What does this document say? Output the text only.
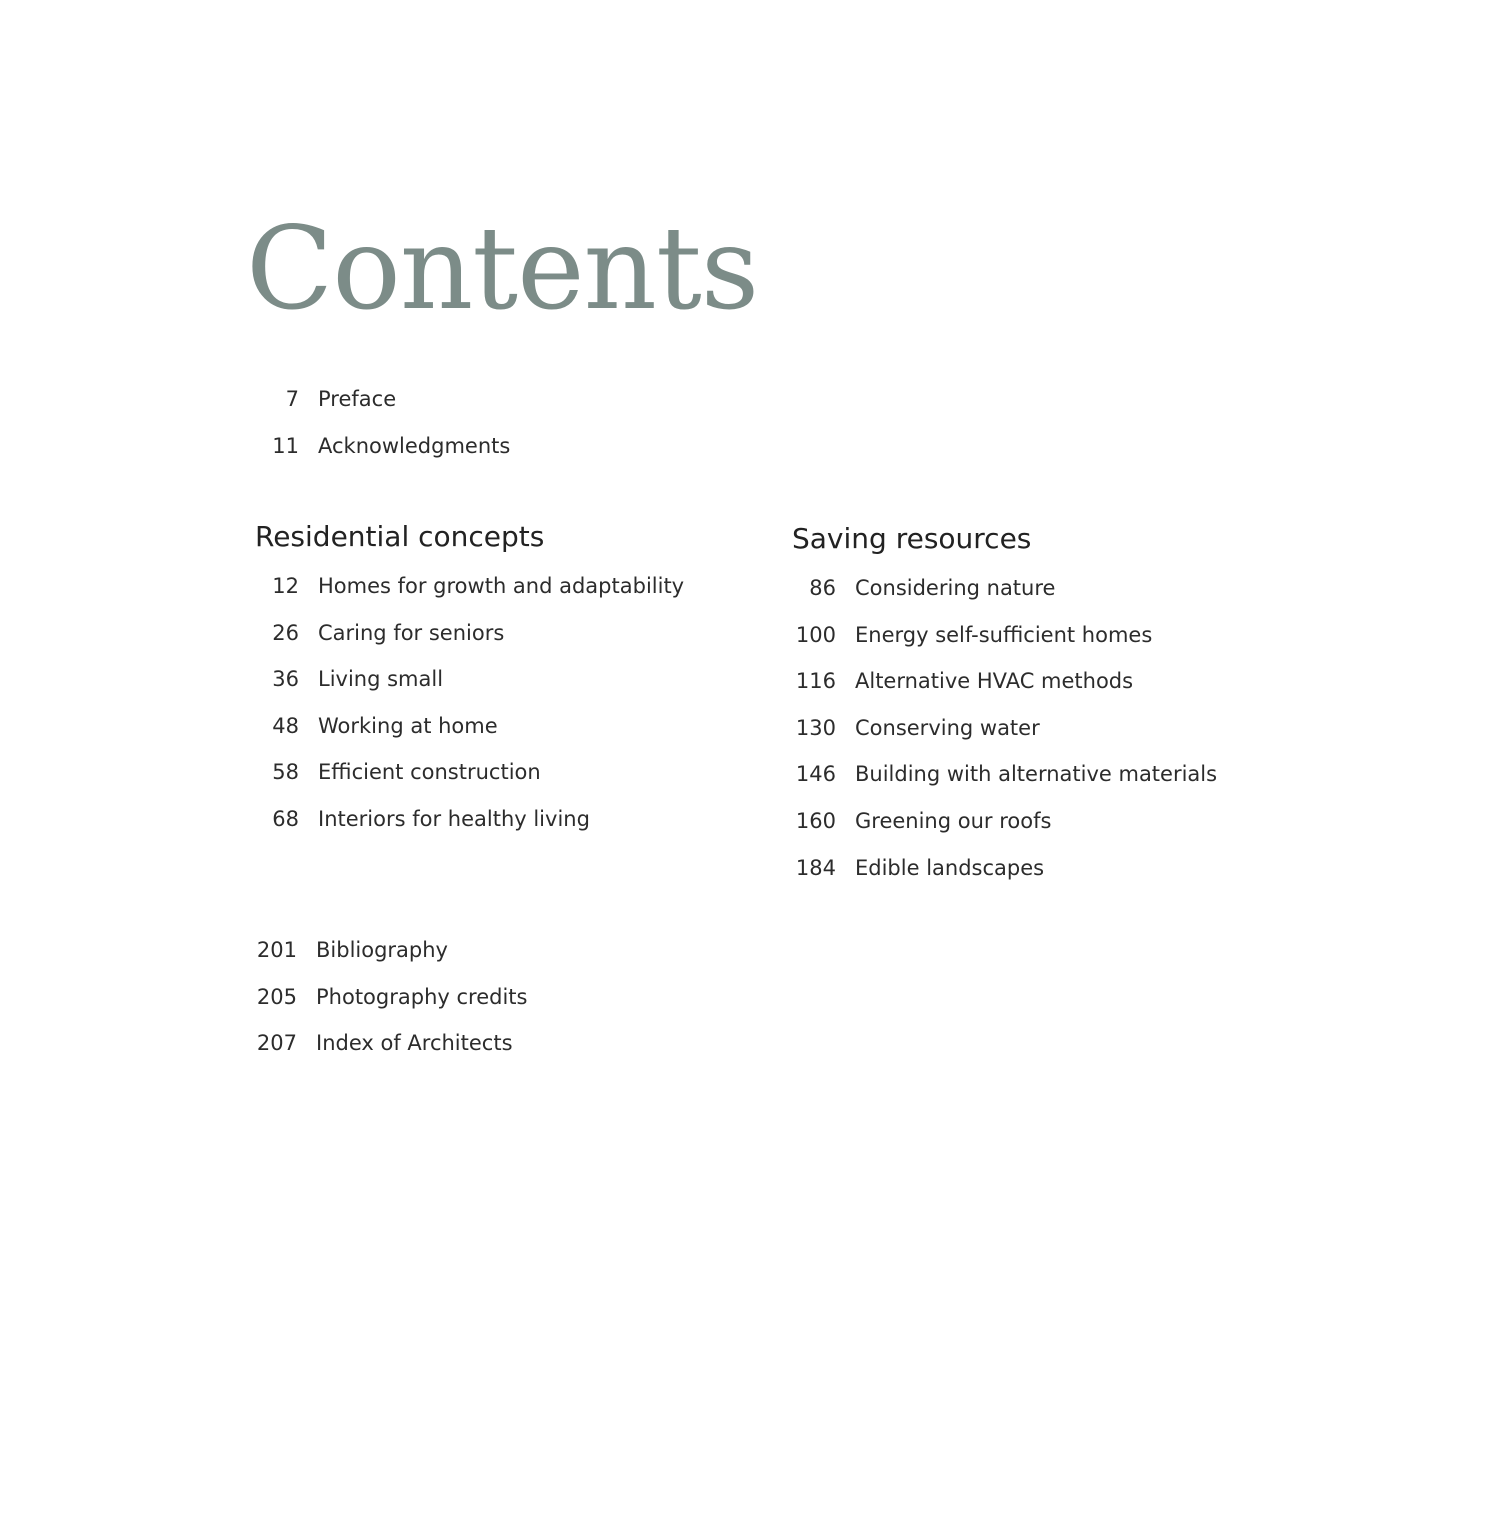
Contents
7 Preface
11 Acknowledgments
Residential concepts
12 Homes for growth and adaptability
26 Caring for seniors
36 Living small
48 Working at home
58 Efficient construction
68 Interiors for healthy living
Saving resources
86 Considering nature
100 Energy self-sufficient homes
116 Alternative HVAC methods
130 Conserving water
146 Building with alternative materials
160 Greening our roofs
184 Edible landscapes
201 Bibliography
205 Photography credits
207 Index of Architects
